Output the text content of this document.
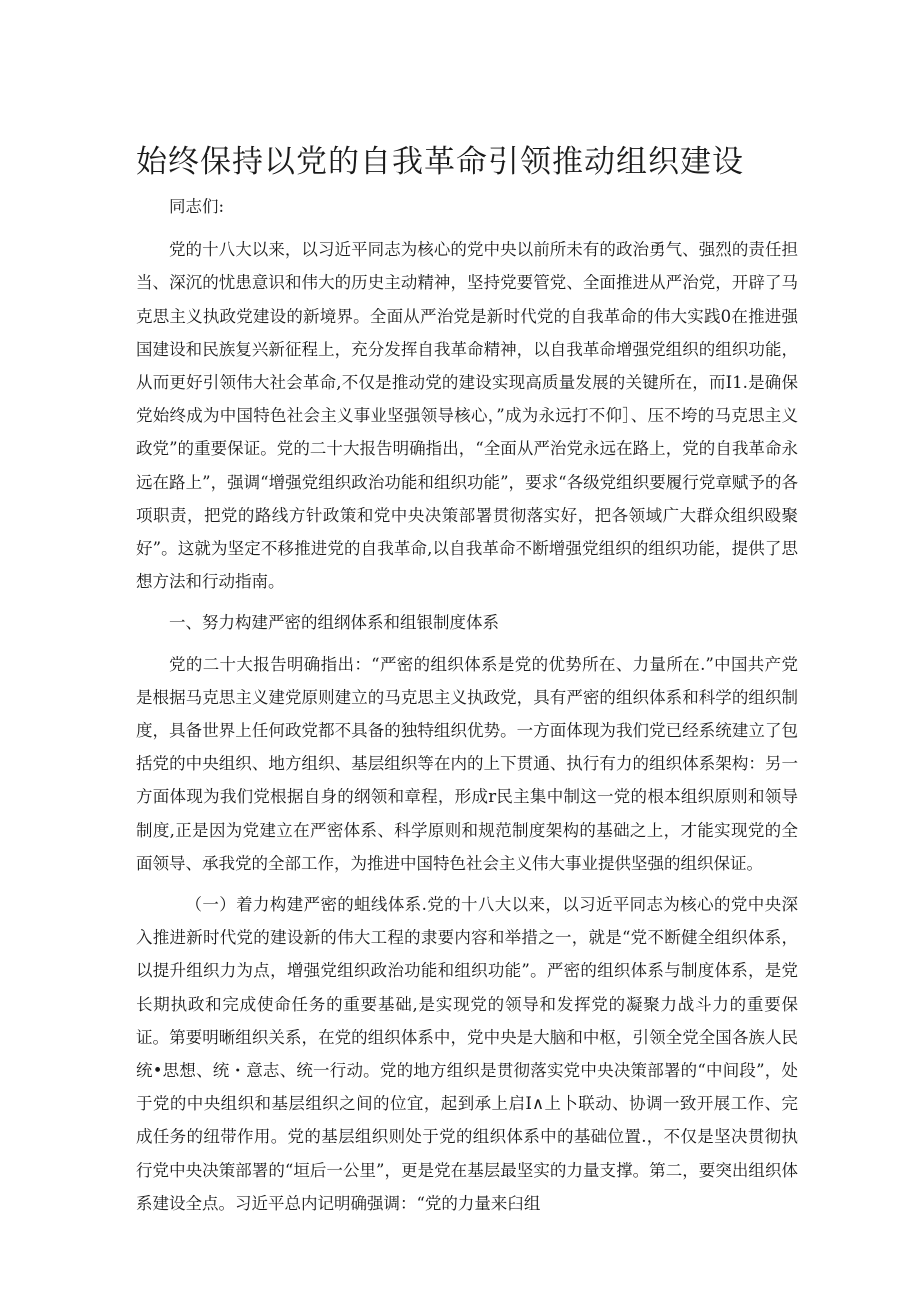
始终保持以党的自我革命引领推动组织建设

同志们:

党的十八大以来，以习近平同志为核心的党中央以前所未有的政治勇气、强烈的责任担当、深沉的忧患意识和伟大的历史主动精神，坚持党要管党、全面推进从严治党，开辟了马克思主义执政党建设的新境界。全面从严治党是新时代党的自我革命的伟大实践0在推进强国建设和民族复兴新征程上，充分发挥自我革命精神，以自我革命增强党组织的组织功能，从而更好引领伟大社会革命,不仅是推动党的建设实现高质量发展的关键所在，而I1.是确保党始终成为中国特色社会主义事业坚强领导核心，”成为永远打不仰］、压不垮的马克思主义政党”的重要保证。党的二十大报告明确指出，“全面从严治党永远在路上，党的自我革命永远在路上”，强调“增强党组织政治功能和组织功能”，要求“各级党组织要履行党章赋予的各项职责，把党的路线方针政策和党中央决策部署贯彻落实好，把各领域广大群众组织殴聚好”。这就为坚定不移推进党的自我革命,以自我革命不断增强党组织的组织功能，提供了思想方法和行动指南。

一、努力构建严密的组纲体系和组银制度体系

党的二十大报告明确指出：“严密的组织体系是党的优势所在、力量所在.”中国共产党是根据马克思主义建党原则建立的马克思主义执政党，具有严密的组织体系和科学的组织制度，具备世界上任何政党都不具备的独特组织优势。一方面体现为我们党已经系统建立了包括党的中央组织、地方组织、基层组织等在内的上下贯通、执行有力的组织体系架构：另一方面体现为我们党根据自身的纲领和章程，形成r民主集中制这一党的根本组织原则和领导制度,正是因为党建立在严密体系、科学原则和规范制度架构的基础之上，才能实现党的全面领导、承我党的全部工作，为推进中国特色社会主义伟大事业提供坚强的组织保证。

（一）着力构建严密的蛆线体系.党的十八大以来，以习近平同志为核心的党中央深入推进新时代党的建设新的伟大工程的隶要内容和举措之一，就是“党不断健全组织体系，以提升组织力为点，增强党组织政治功能和组织功能”。严密的组织体系与制度体系，是党长期执政和完成使命任务的重要基础,是实现党的领导和发挥党的凝聚力战斗力的重要保证。第要明晰组织关系，在党的组织体系中，党中央是大脑和中枢，引领全党全国各族人民统•思想、统・意志、统一行动。党的地方组织是贯彻落实党中央决策部署的“中间段”，处于党的中央组织和基层组织之间的位宜，起到承上启I∧上卜联动、协调一致开展工作、完成任务的纽带作用。党的基层组织则处于党的组织体系中的基础位置.，不仅是坚决贯彻执行党中央决策部署的“垣后一公里”，更是党在基层最坚实的力量支撑。第二，要突出组织体系建设全点。习近平总内记明确强调：“党的力量来臼组
